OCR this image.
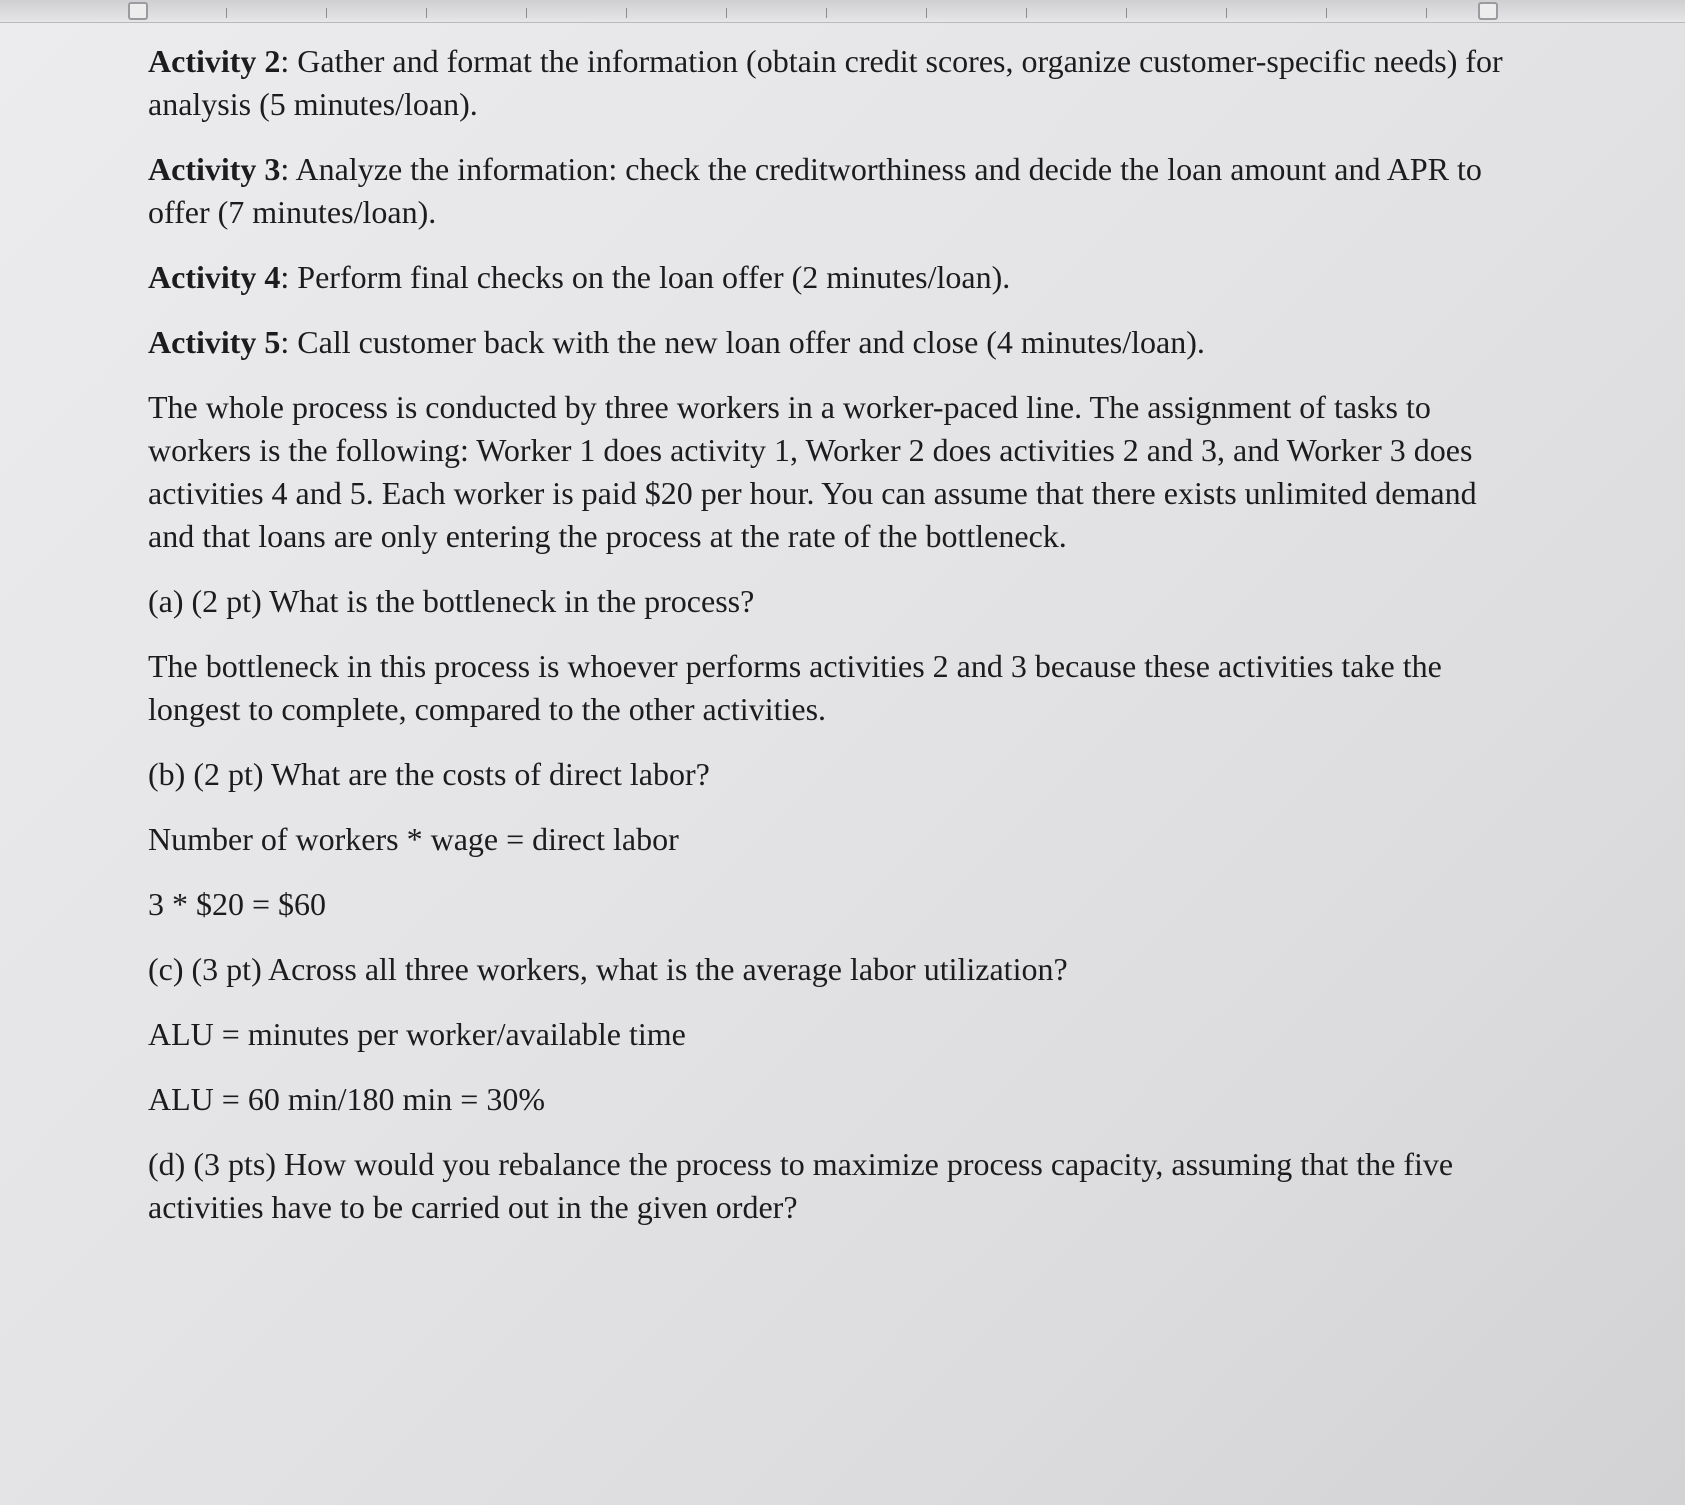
Activity 2: Gather and format the information (obtain credit scores, organize customer-specific needs) for analysis (5 minutes/loan).

Activity 3: Analyze the information: check the creditworthiness and decide the loan amount and APR to offer (7 minutes/loan).

Activity 4: Perform final checks on the loan offer (2 minutes/loan).

Activity 5: Call customer back with the new loan offer and close (4 minutes/loan).

The whole process is conducted by three workers in a worker-paced line. The assignment of tasks to workers is the following: Worker 1 does activity 1, Worker 2 does activities 2 and 3, and Worker 3 does activities 4 and 5. Each worker is paid $20 per hour. You can assume that there exists unlimited demand and that loans are only entering the process at the rate of the bottleneck.

(a) (2 pt) What is the bottleneck in the process?

The bottleneck in this process is whoever performs activities 2 and 3 because these activities take the longest to complete, compared to the other activities.

(b) (2 pt) What are the costs of direct labor?

Number of workers * wage = direct labor

3 * $20 = $60

(c) (3 pt) Across all three workers, what is the average labor utilization?

ALU = minutes per worker/available time

ALU = 60 min/180 min = 30%

(d) (3 pts) How would you rebalance the process to maximize process capacity, assuming that the five activities have to be carried out in the given order?
